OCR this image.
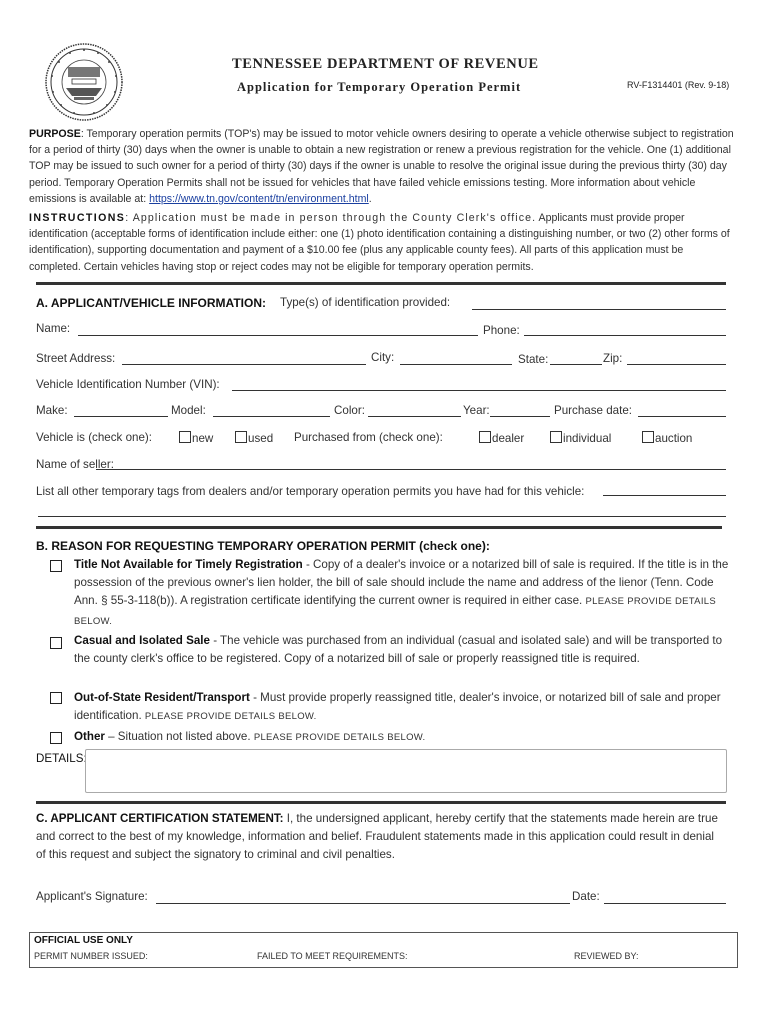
TENNESSEE DEPARTMENT OF REVENUE
Application for Temporary Operation Permit	RV-F1314401 (Rev. 9-18)
PURPOSE: Temporary operation permits (TOP's) may be issued to motor vehicle owners desiring to operate a vehicle otherwise subject to registration for a period of thirty (30) days when the owner is unable to obtain a new registration or renew a previous registration for the vehicle. One (1) additional TOP may be issued to such owner for a period of thirty (30) days if the owner is unable to resolve the original issue during the previous thirty (30) day period. Temporary Operation Permits shall not be issued for vehicles that have failed vehicle emissions testing. More information about vehicle emissions is available at: https://www.tn.gov/content/tn/environment.html.
INSTRUCTIONS: Application must be made in person through the County Clerk's office. Applicants must provide proper identification (acceptable forms of identification include either: one (1) photo identification containing a distinguishing number, or two (2) other forms of identification), supporting documentation and payment of a $10.00 fee (plus any applicable county fees). All parts of this application must be completed. Certain vehicles having stop or reject codes may not be eligible for temporary operation permits.
A. APPLICANT/VEHICLE INFORMATION: Type(s) of identification provided:
Name:	Phone:
Street Address:	City:	State:	Zip:
Vehicle Identification Number (VIN):
Make:	Model:	Color:	Year:	Purchase date:
Vehicle is (check one):	new	used Purchased from (check one):	dealer	individual	auction
Name of seller:
List all other temporary tags from dealers and/or temporary operation permits you have had for this vehicle:
B. REASON FOR REQUESTING TEMPORARY OPERATION PERMIT (check one):
Title Not Available for Timely Registration - Copy of a dealer's invoice or a notarized bill of sale is required. If the title is in the possession of the previous owner's lien holder, the bill of sale should include the name and address of the lienor (Tenn. Code Ann. § 55-3-118(b)). A registration certificate identifying the current owner is required in either case. PLEASE PROVIDE DETAILS BELOW.
Casual and Isolated Sale - The vehicle was purchased from an individual (casual and isolated sale) and will be transported to the county clerk's office to be registered. Copy of a notarized bill of sale or properly reassigned title is required.
Out-of-State Resident/Transport - Must provide properly reassigned title, dealer's invoice, or notarized bill of sale and proper identification. PLEASE PROVIDE DETAILS BELOW.
Other – Situation not listed above. PLEASE PROVIDE DETAILS BELOW.
DETAILS:
C. APPLICANT CERTIFICATION STATEMENT: I, the undersigned applicant, hereby certify that the statements made herein are true and correct to the best of my knowledge, information and belief. Fraudulent statements made in this application could result in denial of this request and subject the signatory to criminal and civil penalties.
Applicant's Signature:	Date:
OFFICIAL USE ONLY
PERMIT NUMBER ISSUED:	FAILED TO MEET REQUIREMENTS:	REVIEWED BY:
